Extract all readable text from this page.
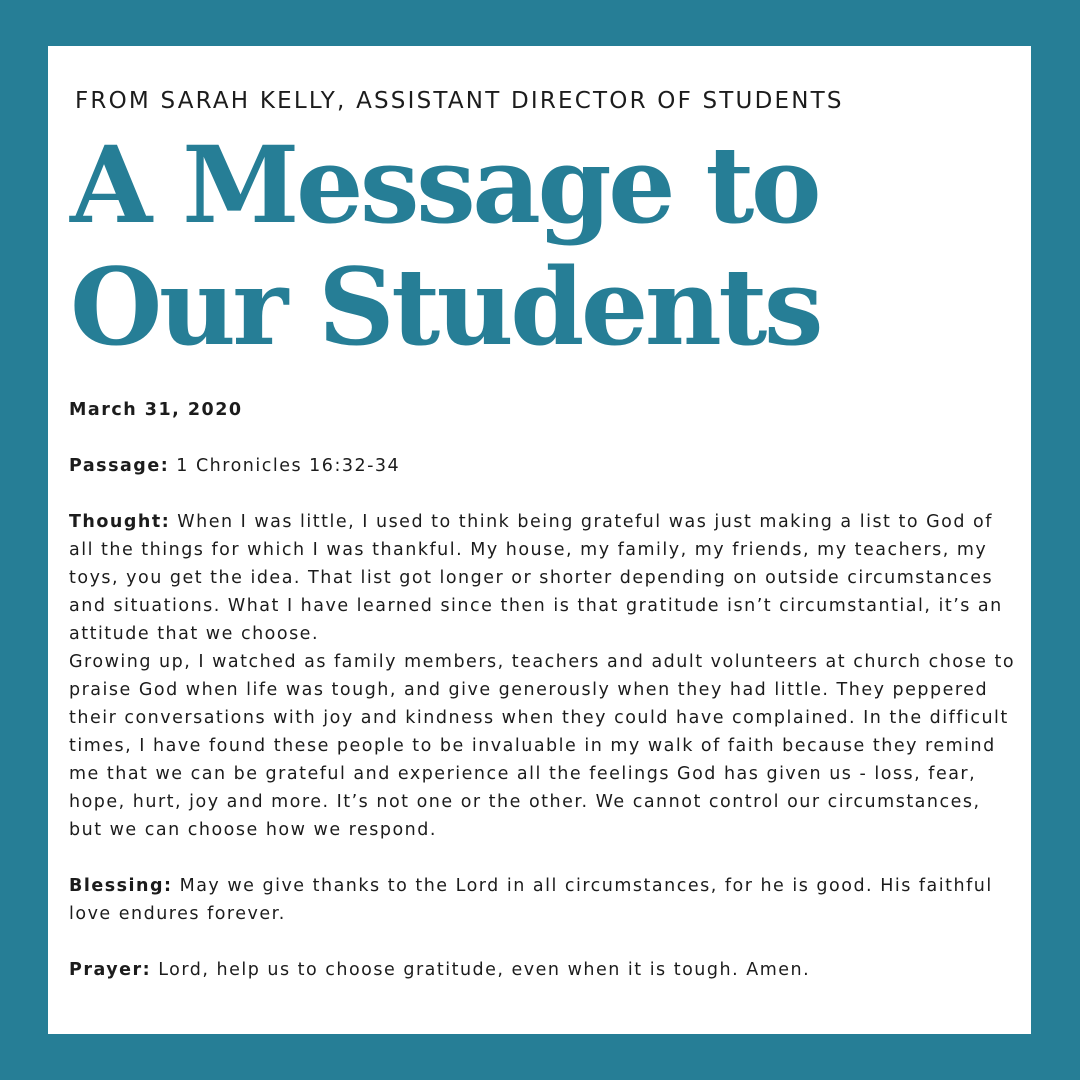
FROM SARAH KELLY, ASSISTANT DIRECTOR OF STUDENTS
A Message to
Our Students

March 31, 2020

Passage: 1 Chronicles 16:32-34

Thought: When I was little, I used to think being grateful was just making a list to God of all the things for which I was thankful. My house, my family, my friends, my teachers, my toys, you get the idea. That list got longer or shorter depending on outside circumstances and situations. What I have learned since then is that gratitude isn’t circumstantial, it’s an attitude that we choose.

Growing up, I watched as family members, teachers and adult volunteers at church chose to praise God when life was tough, and give generously when they had little. They peppered their conversations with joy and kindness when they could have complained. In the difficult times, I have found these people to be invaluable in my walk of faith because they remind me that we can be grateful and experience all the feelings God has given us - loss, fear, hope, hurt, joy and more. It’s not one or the other. We cannot control our circumstances, but we can choose how we respond.

Blessing: May we give thanks to the Lord in all circumstances, for he is good. His faithful love endures forever.

Prayer: Lord, help us to choose gratitude, even when it is tough. Amen.
